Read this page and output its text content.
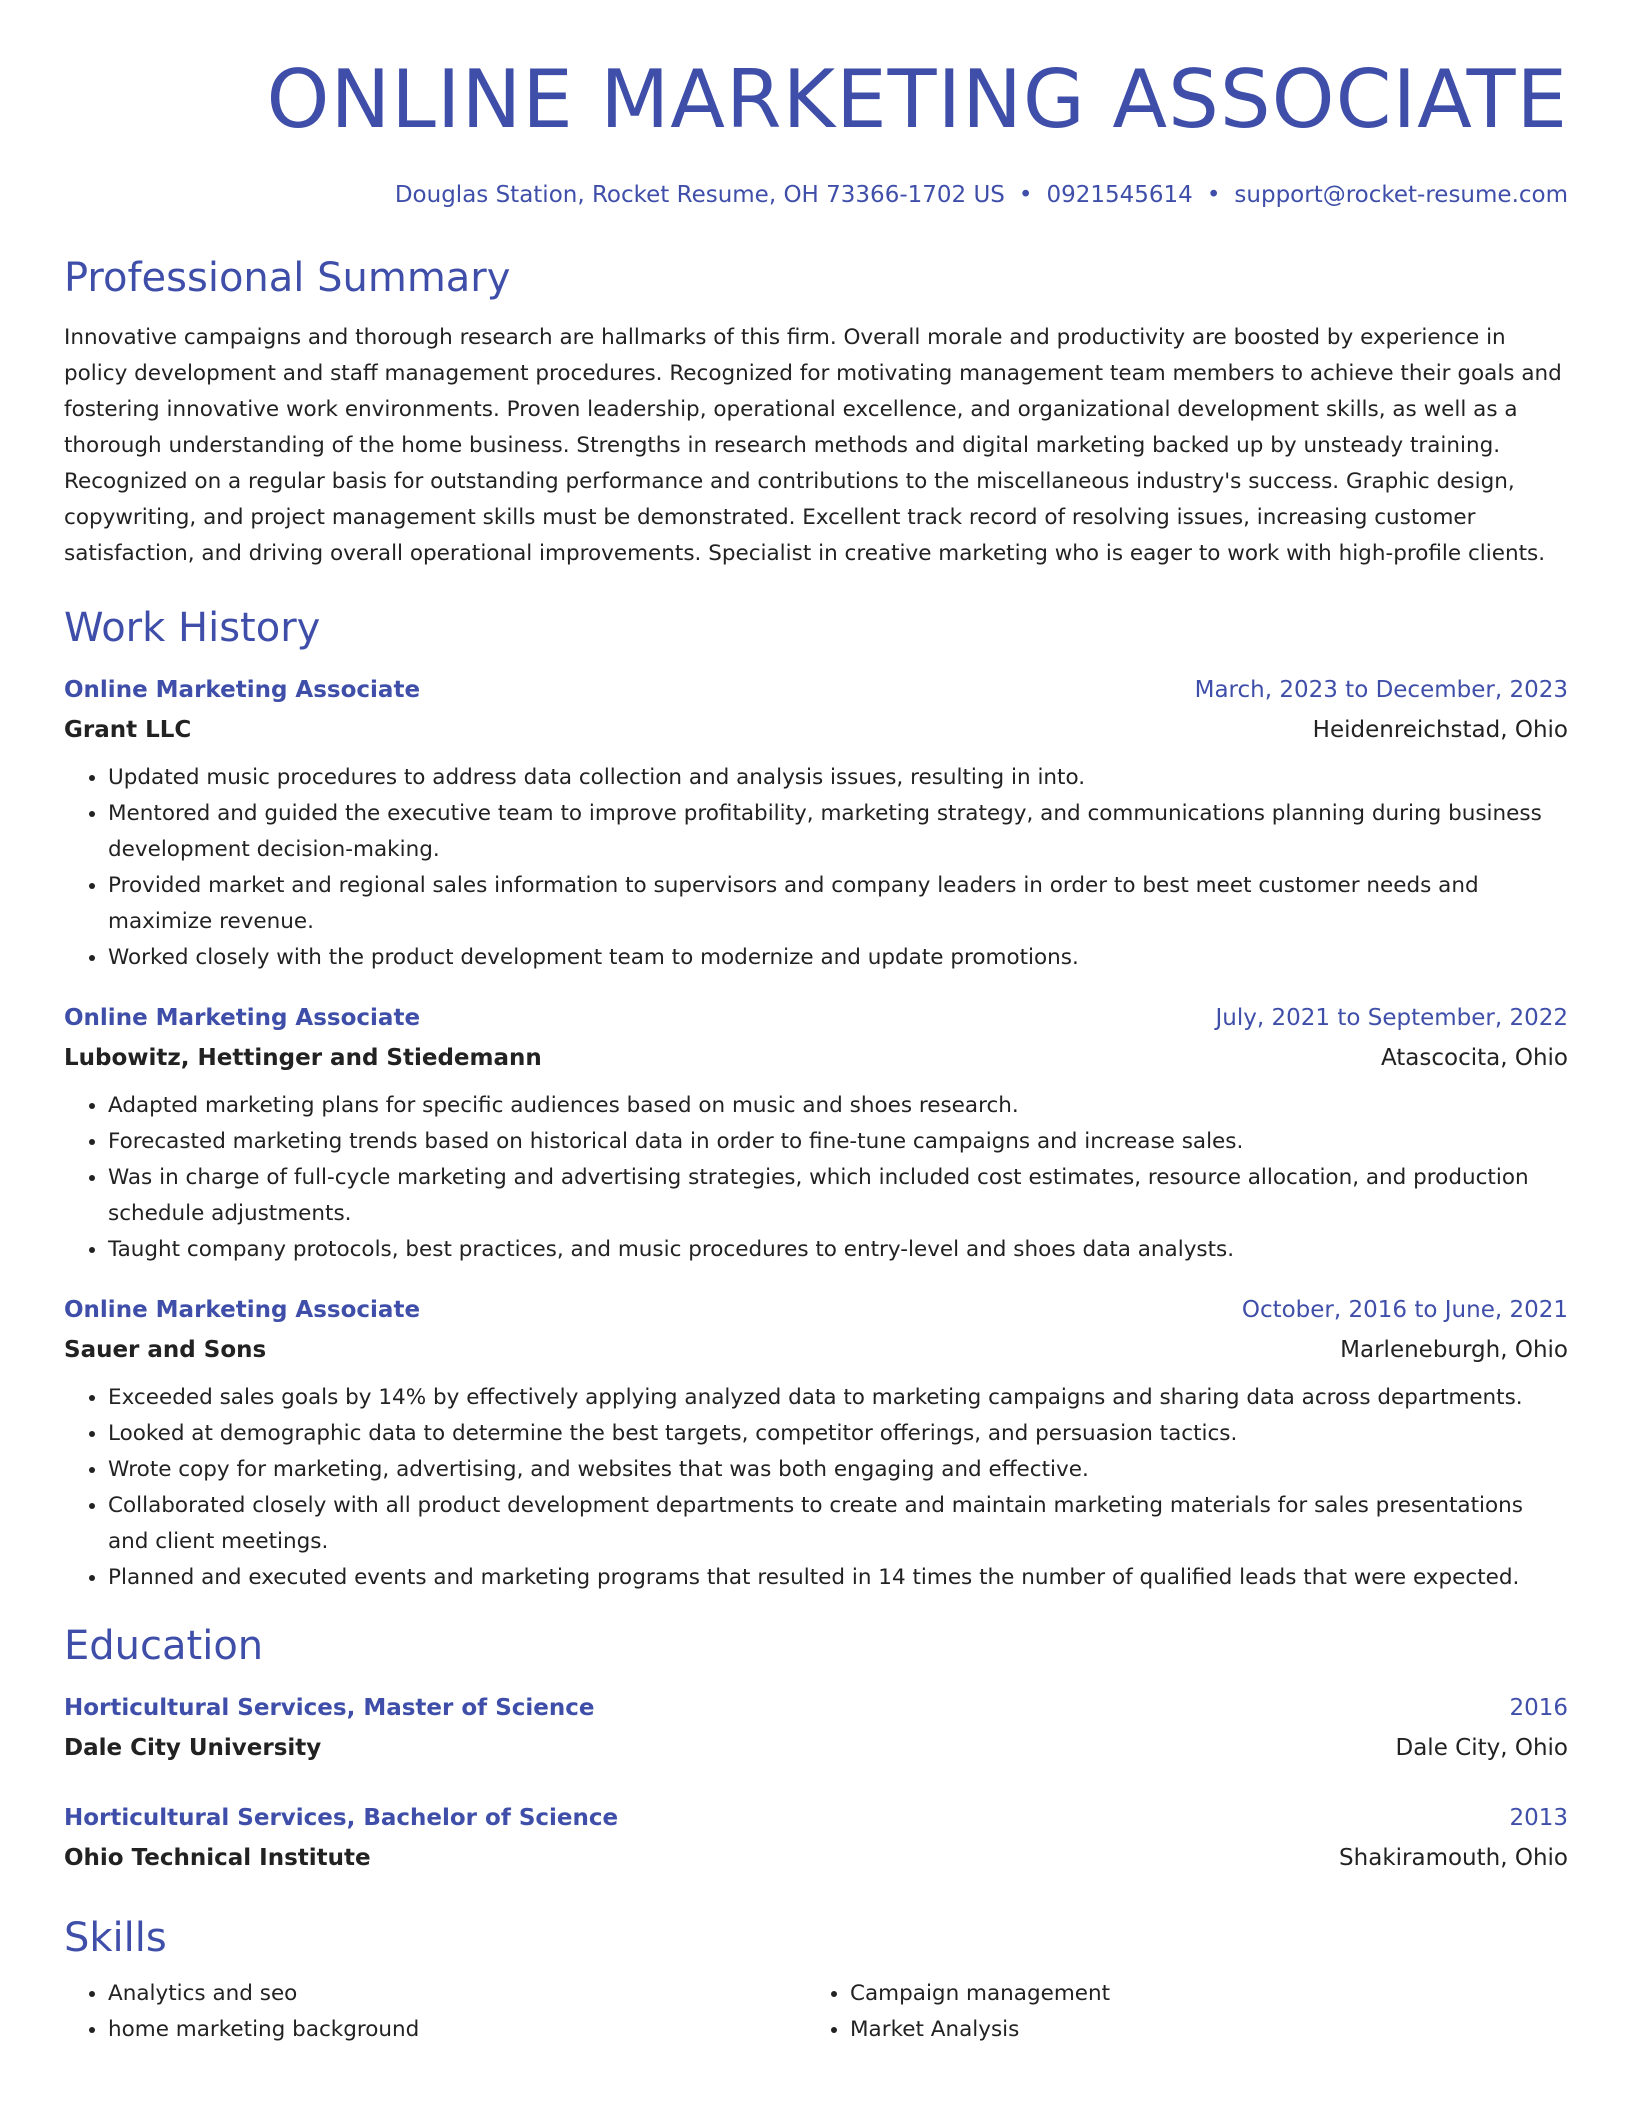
ONLINE MARKETING ASSOCIATE
Douglas Station, Rocket Resume, OH 73366-1702 US • 0921545614 • support@rocket-resume.com
Professional Summary

Innovative campaigns and thorough research are hallmarks of this firm. Overall morale and productivity are boosted by experience in policy development and staff management procedures. Recognized for motivating management team members to achieve their goals and fostering innovative work environments. Proven leadership, operational excellence, and organizational development skills, as well as a thorough understanding of the home business. Strengths in research methods and digital marketing backed up by unsteady training. Recognized on a regular basis for outstanding performance and contributions to the miscellaneous industry's success. Graphic design, copywriting, and project management skills must be demonstrated. Excellent track record of resolving issues, increasing customer satisfaction, and driving overall operational improvements. Specialist in creative marketing who is eager to work with high-profile clients.

Work History
Online Marketing Associate	March, 2023 to December, 2023
Grant LLC	Heidenreichstad, Ohio
• Updated music procedures to address data collection and analysis issues, resulting in into.
• Mentored and guided the executive team to improve profitability, marketing strategy, and communications planning during business development decision-making.
• Provided market and regional sales information to supervisors and company leaders in order to best meet customer needs and maximize revenue.
• Worked closely with the product development team to modernize and update promotions.
Online Marketing Associate	July, 2021 to September, 2022
Lubowitz, Hettinger and Stiedemann	Atascocita, Ohio
• Adapted marketing plans for specific audiences based on music and shoes research.
• Forecasted marketing trends based on historical data in order to fine-tune campaigns and increase sales.
• Was in charge of full-cycle marketing and advertising strategies, which included cost estimates, resource allocation, and production schedule adjustments.
• Taught company protocols, best practices, and music procedures to entry-level and shoes data analysts.
Online Marketing Associate	October, 2016 to June, 2021
Sauer and Sons	Marleneburgh, Ohio
• Exceeded sales goals by 14% by effectively applying analyzed data to marketing campaigns and sharing data across departments.
• Looked at demographic data to determine the best targets, competitor offerings, and persuasion tactics.
• Wrote copy for marketing, advertising, and websites that was both engaging and effective.
• Collaborated closely with all product development departments to create and maintain marketing materials for sales presentations and client meetings.
• Planned and executed events and marketing programs that resulted in 14 times the number of qualified leads that were expected.
Education
Horticultural Services, Master of Science	2016
Dale City University	Dale City, Ohio
Horticultural Services, Bachelor of Science	2013
Ohio Technical Institute	Shakiramouth, Ohio
Skills
• Analytics and seo
• home marketing background
• Campaign management
• Market Analysis
